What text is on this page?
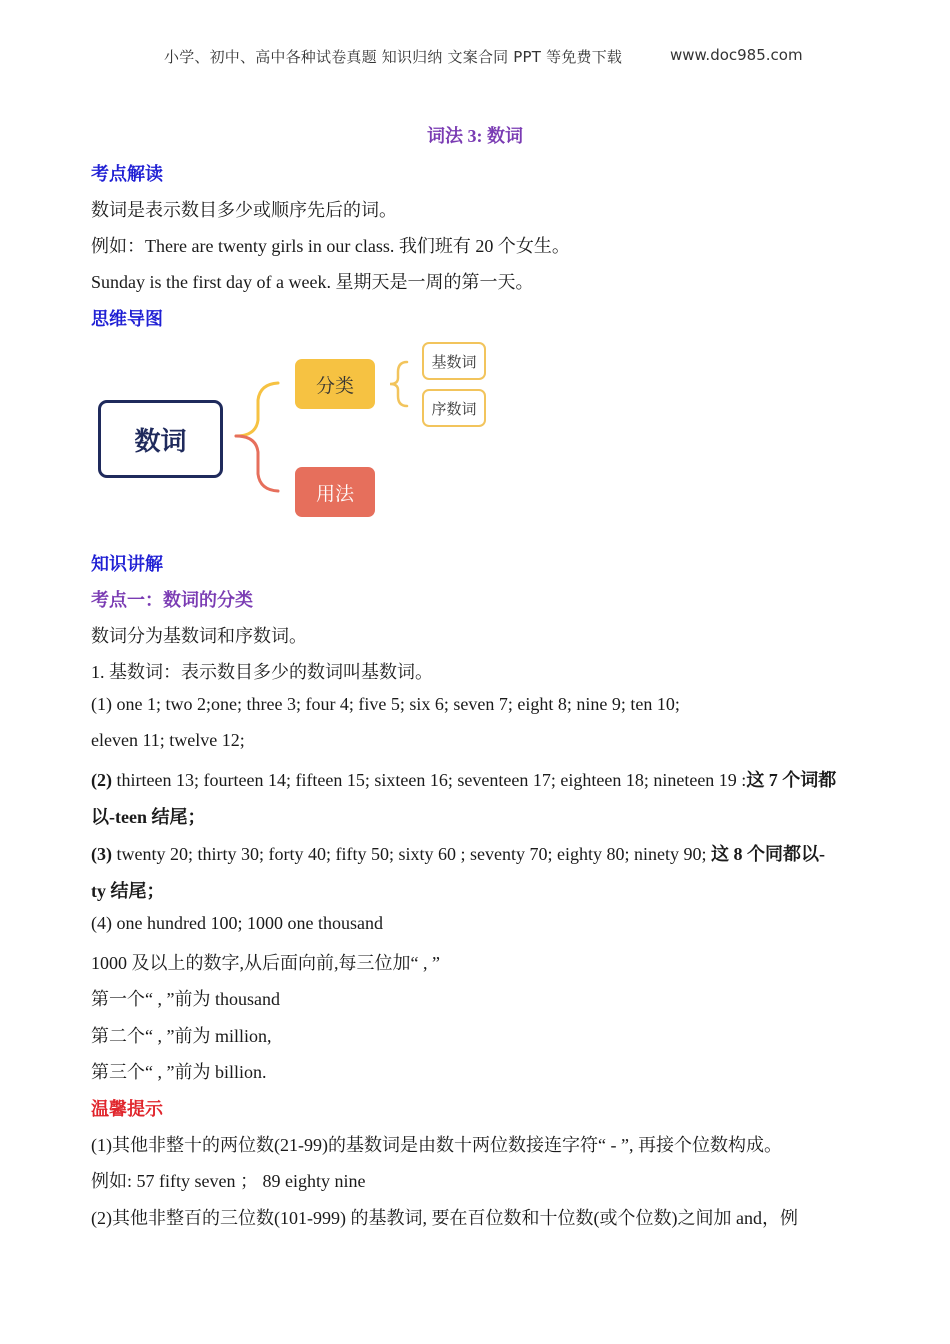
小学、初中、高中各种试卷真题 知识归纳 文案合同 PPT 等免费下载	www.doc985.com
词法 3: 数词
考点解读
数词是表示数目多少或顺序先后的词。
例如：There are twenty girls in our class. 我们班有 20 个女生。
Sunday is the first day of a week. 星期天是一周的第一天。
思维导图
数词
分类
用法
基数词
序数词
知识讲解
考点一：数词的分类
数词分为基数词和序数词。
1. 基数词：表示数目多少的数词叫基数词。
(1) one 1; two 2;one; three 3; four 4; five 5; six 6; seven 7; eight 8; nine 9; ten 10;
eleven 11; twelve 12;
(2) thirteen 13; fourteen 14; fifteen 15; sixteen 16; seventeen 17; eighteen 18; nineteen 19 :这 7 个词都
以-teen 结尾；
(3) twenty 20; thirty 30; forty 40; fifty 50; sixty 60 ; seventy 70; eighty 80; ninety 90; 这 8 个同都以-
ty 结尾；
(4) one hundred 100; 1000 one thousand
1000 及以上的数字,从后面向前,每三位加“ , ”
第一个“ , ”前为 thousand
第二个“ , ”前为 million,
第三个“ , ”前为 billion.
温馨提示
(1)其他非整十的两位数(21-99)的基数词是由数十两位数接连字符“ - ”, 再接个位数构成。
例如: 57 fifty seven ； 89 eighty nine
(2)其他非整百的三位数(101-999) 的基教词, 要在百位数和十位数(或个位数)之间加 and，例
